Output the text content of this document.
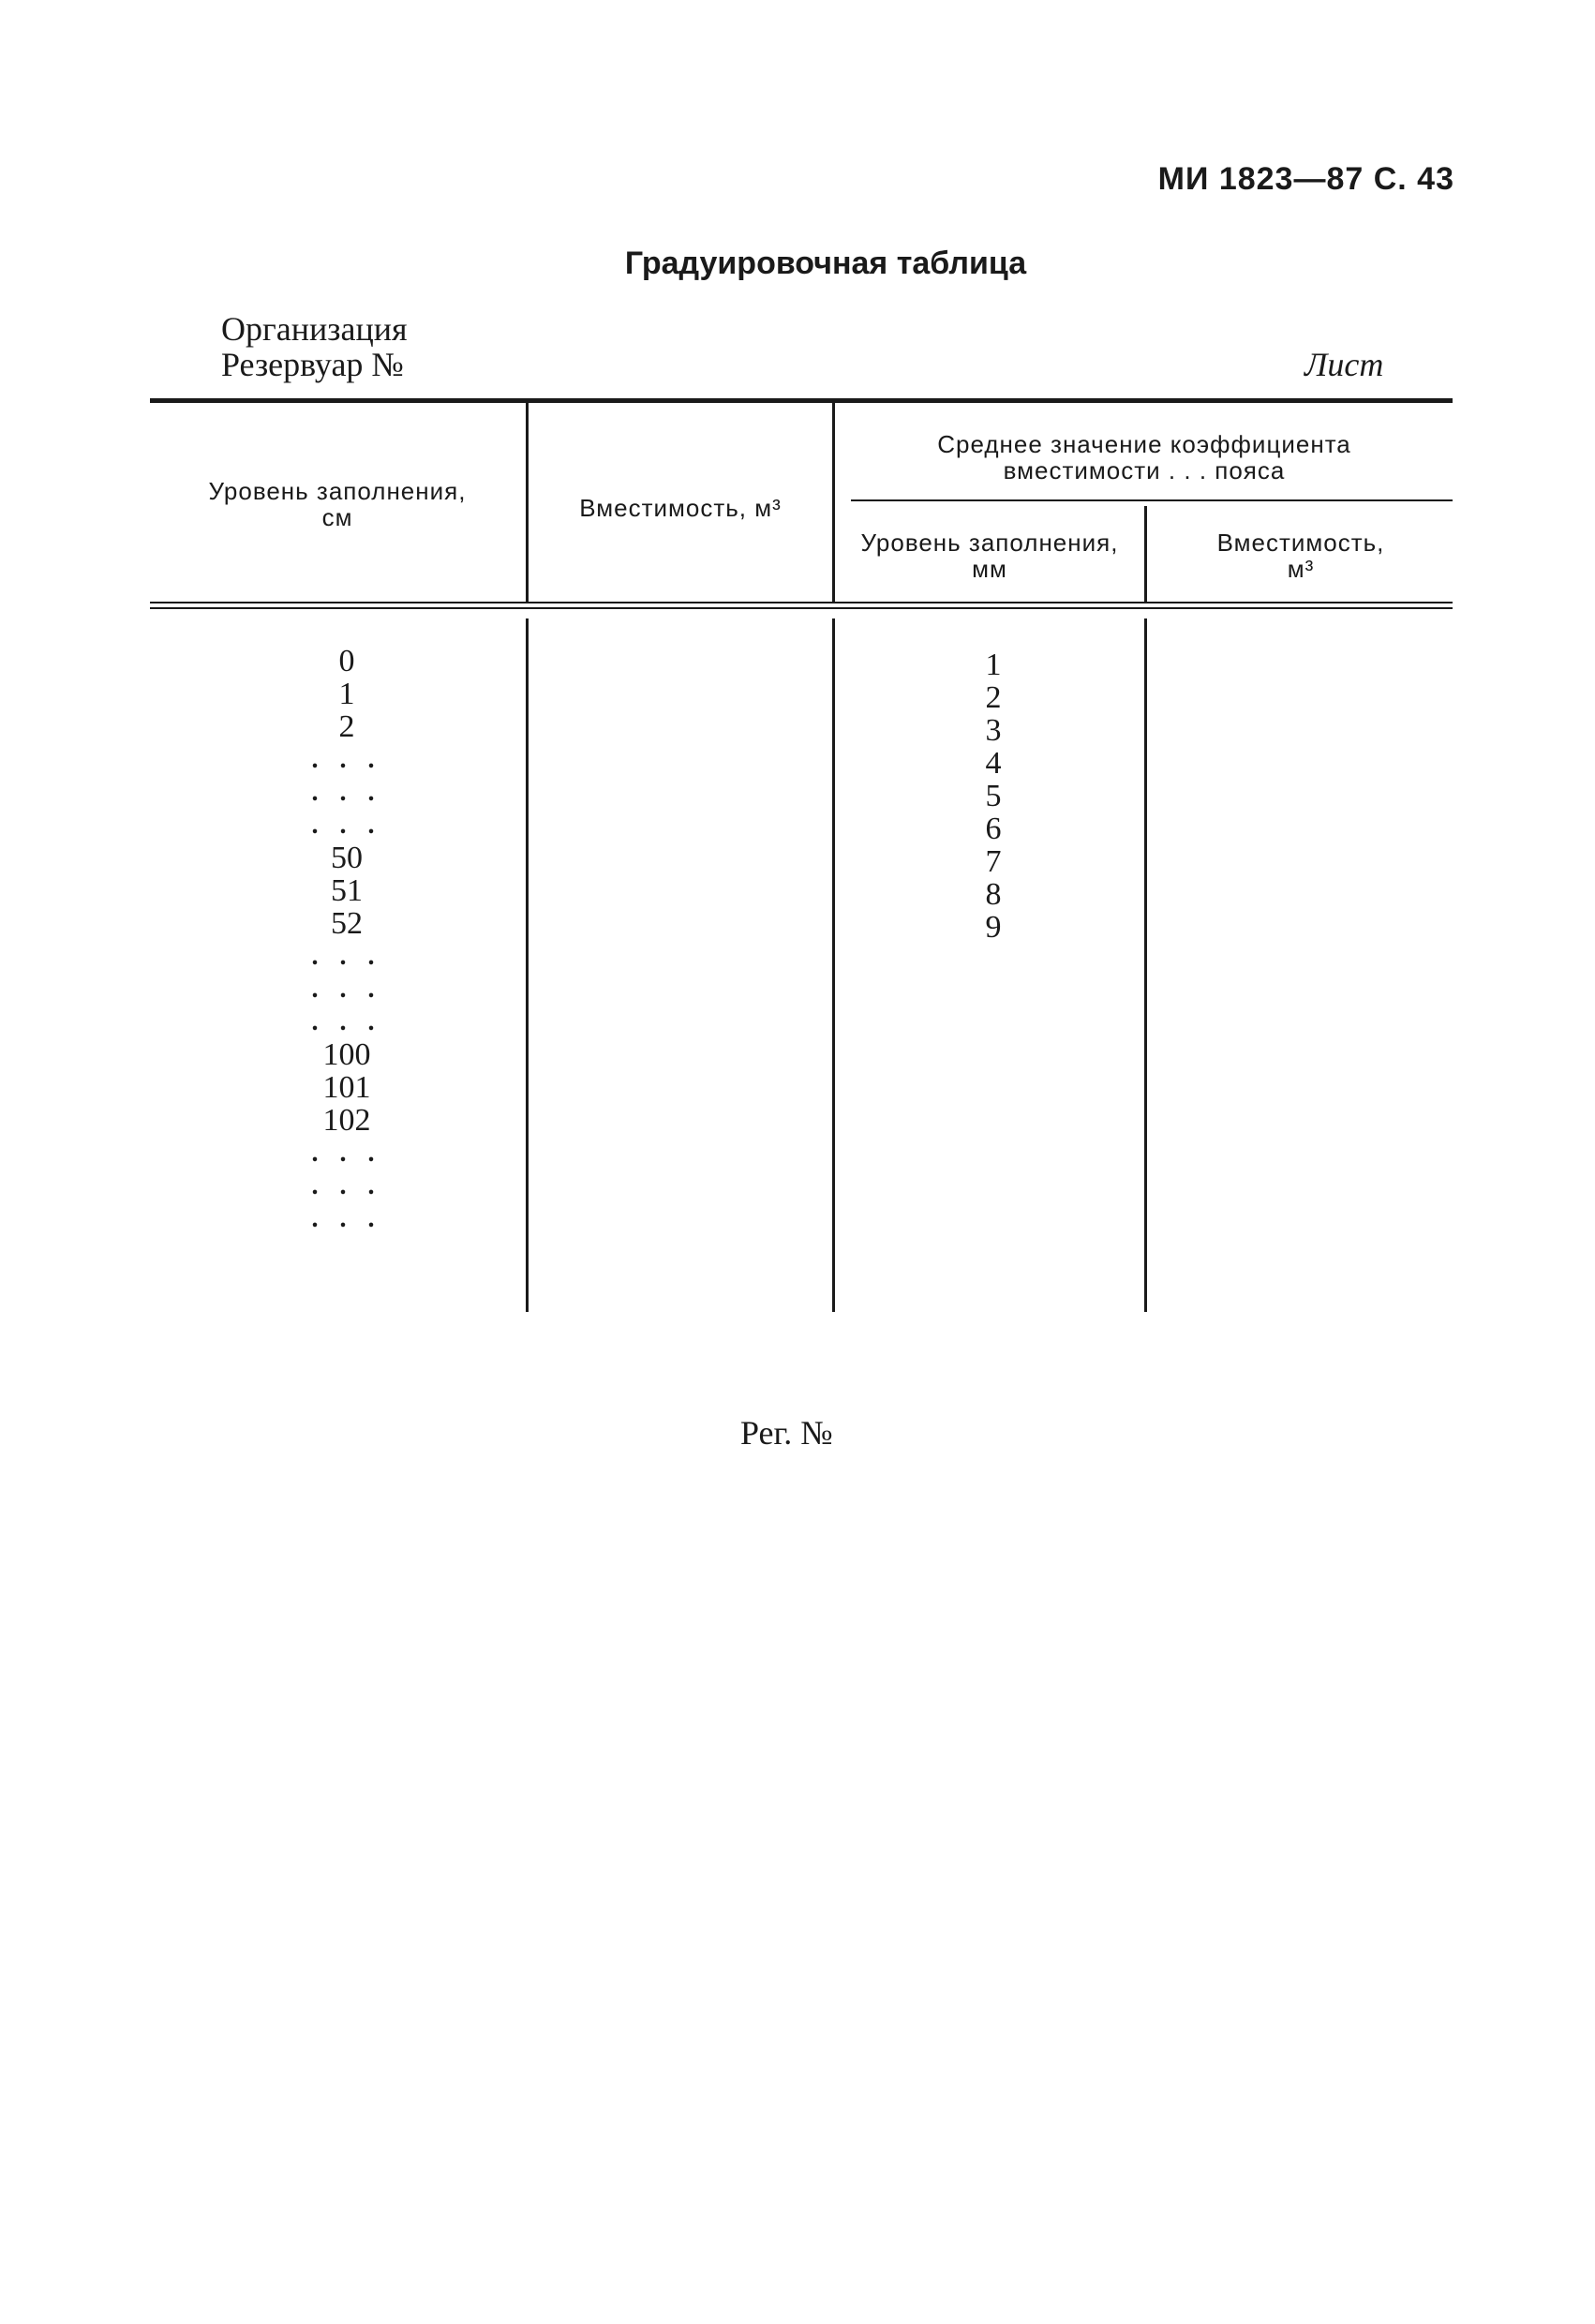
МИ 1823—87 С. 43
Градуировочная таблица
Организация
Резервуар №	Лист
Уровень заполнения,
см	Вместимость, м³
Среднее значение коэффициента
вместимости . . . пояса
Уровень заполнения,
мм
Вместимость,
м³
0
1
2
. . .
. . .
. . .
50
51
52
. . .
. . .
. . .
100
101
102
. . .
. . .
. . .
1
2
3
4
5
6
7
8
9
Рег. №
